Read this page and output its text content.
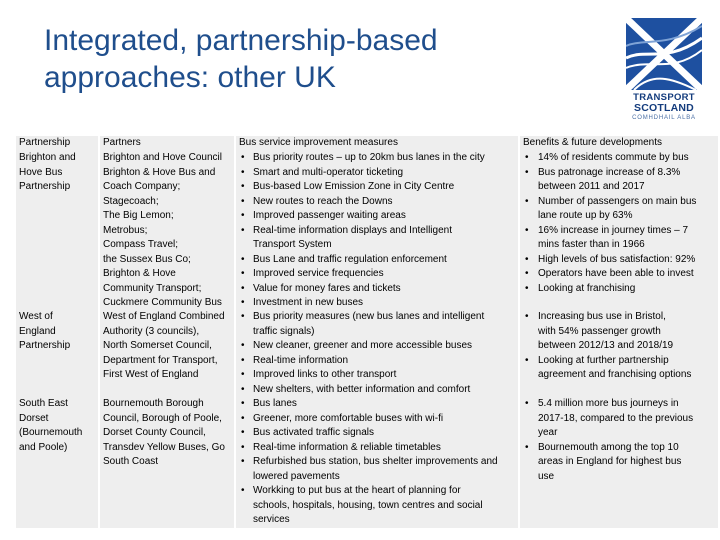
Integrated, partnership-based
approaches: other UK
TRANSPORT
SCOTLAND
COMHDHAIL ALBA
Partnership
Brighton and
Hove Bus
Partnership
West of
England
Partnership
South East
Dorset
(Bournemouth
and Poole)
Partners
Brighton and Hove Council
Brighton & Hove Bus and
Coach Company;
Stagecoach;
The Big Lemon;
Metrobus;
Compass Travel;
the Sussex Bus Co;
Brighton & Hove
Community Transport;
Cuckmere Community Bus
West of England Combined
Authority (3 councils),
North Somerset Council,
Department for Transport,
First West of England
Bournemouth Borough
Council, Borough of Poole,
Dorset County Council,
Transdev Yellow Buses, Go
South Coast
Bus service improvement measures
• Bus priority routes – up to 20km bus lanes in the city
• Smart and multi-operator ticketing
• Bus-based Low Emission Zone in City Centre
• New routes to reach the Downs
• Improved passenger waiting areas
• Real-time information displays and Intelligent
Transport System
• Bus Lane and traffic regulation enforcement
• Improved service frequencies
• Value for money fares and tickets
• Investment in new buses
• Bus priority measures (new bus lanes and intelligent
traffic signals)
• New cleaner, greener and more accessible buses
• Real-time information
• Improved links to other transport
• New shelters, with better information and comfort
• Bus lanes
• Greener, more comfortable buses with wi-fi
• Bus activated traffic signals
• Real-time information & reliable timetables
• Refurbished bus station, bus shelter improvements and
lowered pavements
• Workking to put bus at the heart of planning for
schools, hospitals, housing, town centres and social
services
Benefits & future developments
• 14% of residents commute by bus
• Bus patronage increase of 8.3%
between 2011 and 2017
• Number of passengers on main bus
lane route up by 63%
• 16% increase in journey times – 7
mins faster than in 1966
• High levels of bus satisfaction: 92%
• Operators have been able to invest
• Looking at franchising
• Increasing bus use in Bristol,
with 54% passenger growth
between 2012/13 and 2018/19
• Looking at further partnership
agreement and franchising options
• 5.4 million more bus journeys in
2017-18, compared to the previous
year
• Bournemouth among the top 10
areas in England for highest bus
use
